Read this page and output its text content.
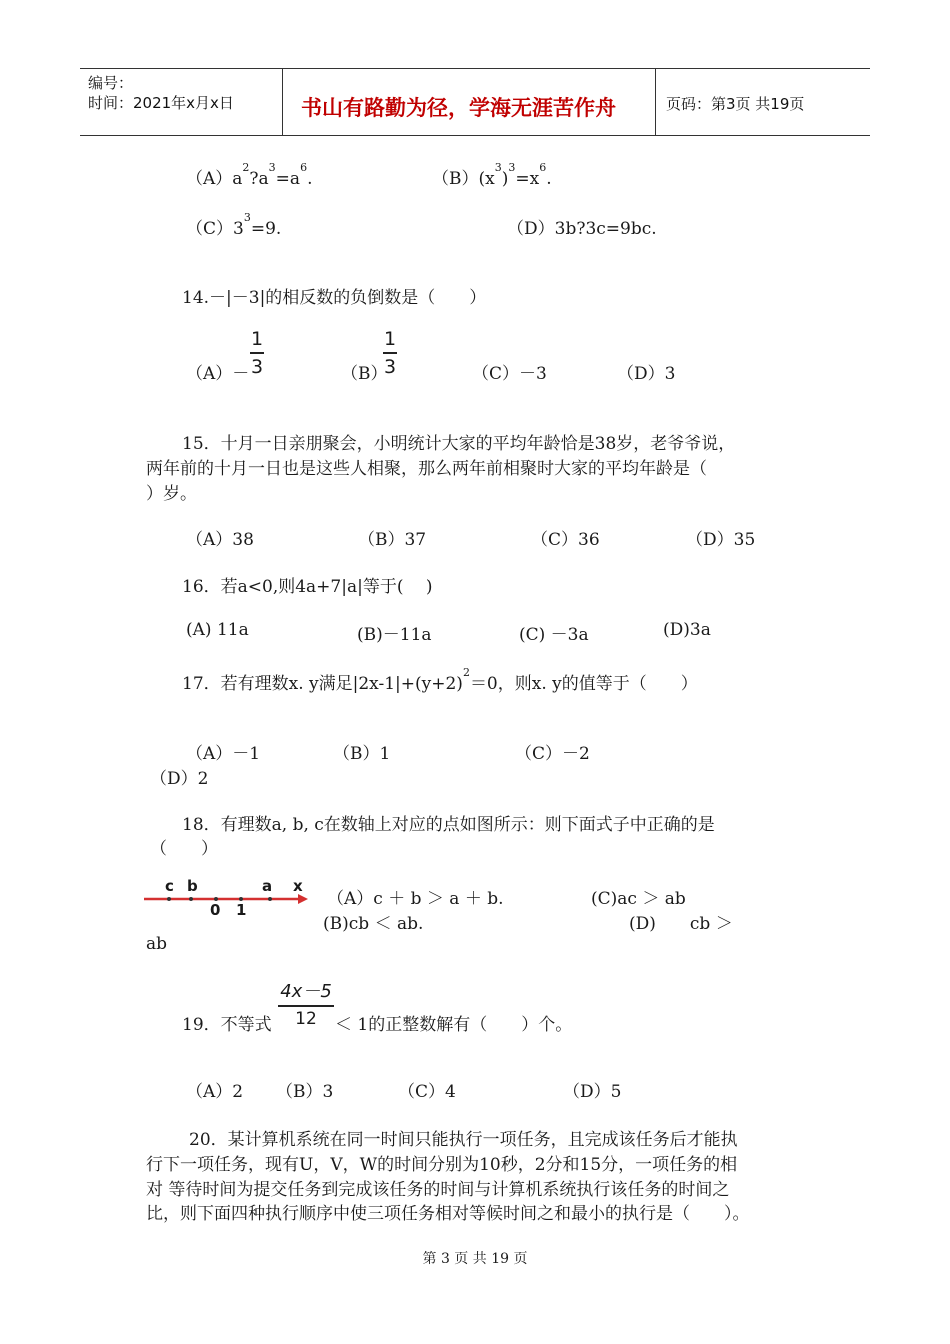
编号：
时间：2021年x月x日	书山有路勤为径，学海无涯苦作舟	页码：第3页 共19页
$(A)a^2?a^3=a^6$.	$(B)(x^3)^3=x^6$.
$(C)3^3=9$.	（D）3b?3c=9bc.
14.－|－3|的相反数的负倒数是（　　）
（A）－
1
3	（B）
1
3	（C）－3	（D）3
15．十月一日亲朋聚会，小明统计大家的平均年龄恰是38岁，老爷爷说，
两年前的十月一日也是这些人相聚，那么两年前相聚时大家的平均年龄是（
）岁。
（A）38	（B）37	（C）36	（D）35
16．若a<0,则4a+7|a|等于(　 )
(A) 11a	(B)－11a	(C) －3a	(D)3a
17．若有理数x. y满足$|2x-1|+(y+2)^2=0$，则x. y的值等于（　　）
（A）－1	（B）1	（C）－2
（D）2
18．有理数a, b, c在数轴上对应的点如图所示：则下面式子中正确的是
（　　）
c b
0 1
a x
（A）c ＋ b ＞ a ＋ b.	(C)ac ＞ ab
(B)cb ＜ ab.	(D)　　cb ＞
ab
4x－5
12
19．不等式	＜ 1的正整数解有（　　）个。
（A）2 （B）3	（C）4	（D）5
20．某计算机系统在同一时间只能执行一项任务，且完成该任务后才能执
行下一项任务，现有U，V，W的时间分别为10秒，2分和15分，一项任务的相
对 等待时间为提交任务到完成该任务的时间与计算机系统执行该任务的时间之
比，则下面四种执行顺序中使三项任务相对等候时间之和最小的执行是（　　）。
第 3 页 共 19 页
